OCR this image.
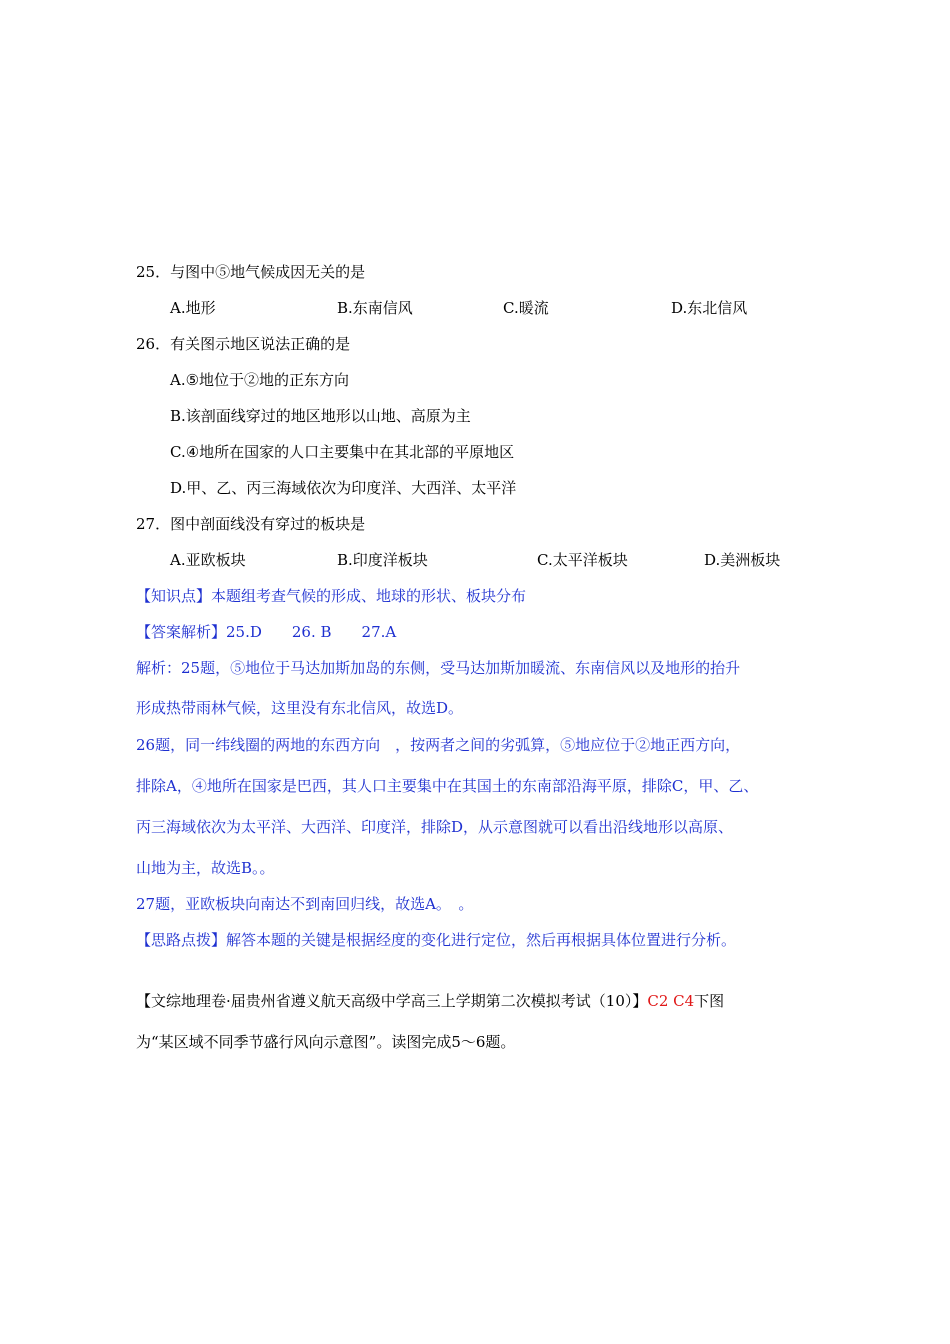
25．与图中⑤地气候成因无关的是
A.地形	B.东南信风	C.暖流	D.东北信风
26．有关图示地区说法正确的是
A.⑤地位于②地的正东方向
B.该剖面线穿过的地区地形以山地、高原为主
C.④地所在国家的人口主要集中在其北部的平原地区
D.甲、乙、丙三海域依次为印度洋、大西洋、太平洋
27．图中剖面线没有穿过的板块是
A.亚欧板块	B.印度洋板块	C.太平洋板块	D.美洲板块
【知识点】本题组考查气候的形成、地球的形状、板块分布
【答案解析】25.D　　26. B　　27.A
解析：25题，⑤地位于马达加斯加岛的东侧，受马达加斯加暖流、东南信风以及地形的抬升
形成热带雨林气候，这里没有东北信风，故选D。
26题，同一纬线圈的两地的东西方向　，按两者之间的劣弧算，⑤地应位于②地正西方向，
排除A，④地所在国家是巴西，其人口主要集中在其国土的东南部沿海平原，排除C，甲、乙、
丙三海域依次为太平洋、大西洋、印度洋，排除D，从示意图就可以看出沿线地形以高原、
山地为主，故选B。。
27题，亚欧板块向南达不到南回归线，故选A。　。
【思路点拨】解答本题的关键是根据经度的变化进行定位，然后再根据具体位置进行分析。
【文综地理卷·届贵州省遵义航天高级中学高三上学期第二次模拟考试（10）】C2 C4下图
为“某区域不同季节盛行风向示意图”。读图完成5～6题。
